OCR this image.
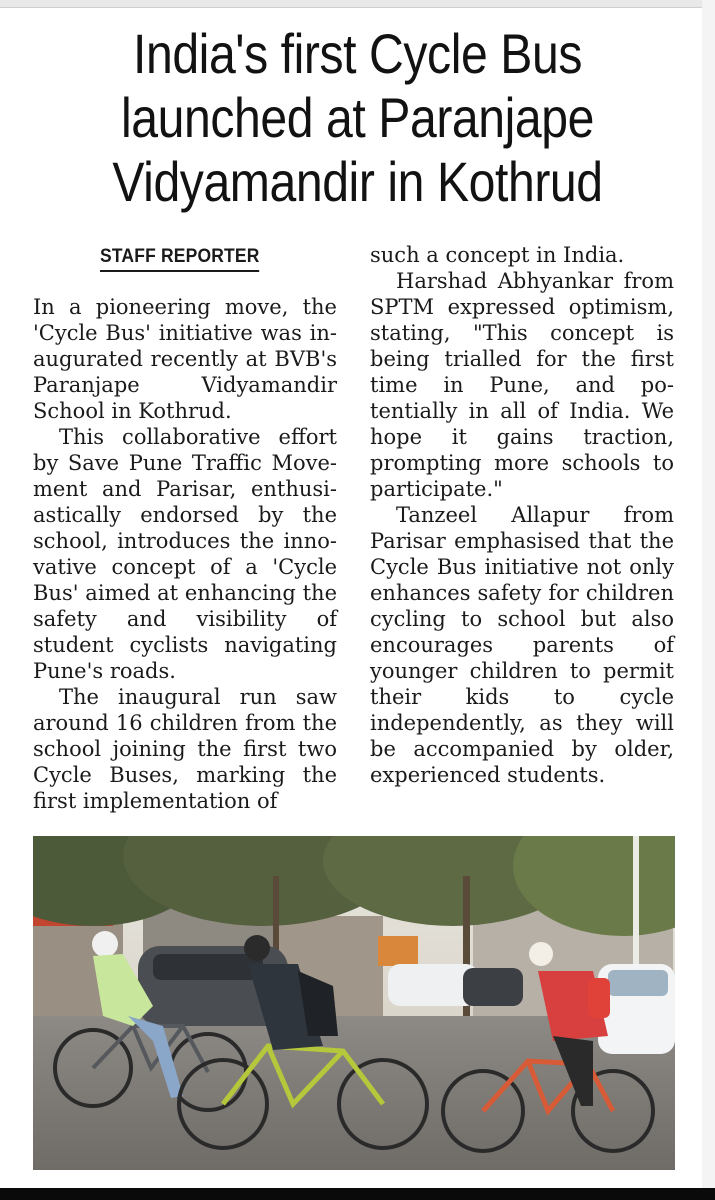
India's first Cycle Bus launched at Paranjape Vidyamandir in Kothrud
STAFF REPORTER

In a pioneering move, the 'Cycle Bus' initiative was inaugurated recently at BVB's Paranjape Vidyamandir School in Kothrud.

This collaborative effort by Save Pune Traffic Movement and Parisar, enthusiastically endorsed by the school, introduces the innovative concept of a 'Cycle Bus' aimed at enhancing the safety and visibility of student cyclists navigating Pune's roads.

The inaugural run saw around 16 children from the school joining the first two Cycle Buses, marking the first implementation of

such a concept in India.

Harshad Abhyankar from SPTM expressed optimism, stating, "This concept is being trialled for the first time in Pune, and potentially in all of India. We hope it gains traction, prompting more schools to participate."

Tanzeel Allapur from Parisar emphasised that the Cycle Bus initiative not only enhances safety for children cycling to school but also encourages parents of younger children to permit their kids to cycle independently, as they will be accompanied by older, experienced students.
